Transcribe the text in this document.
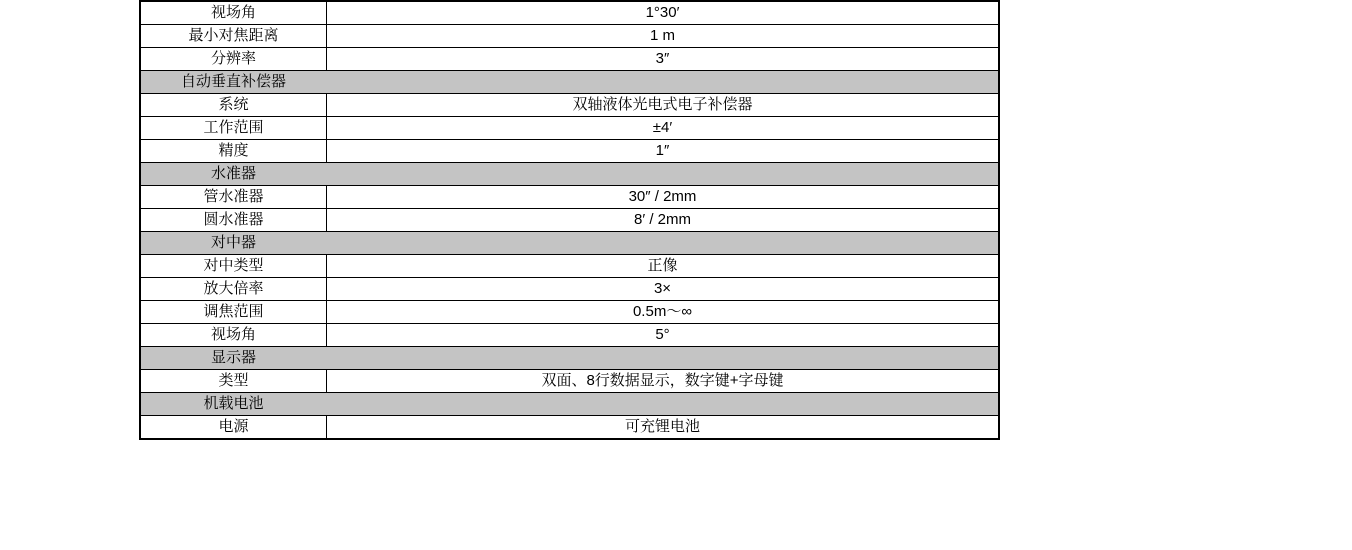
视场角	1°30′
最小对焦距离	1 m
分辨率	3″

自动垂直补偿器	

系统	双轴液体光电式电子补偿器
工作范围	±4′
精度	1″

水准器	

管水准器	30″ / 2mm
圆水准器	8′ / 2mm

对中器	

对中类型	正像
放大倍率	3×
调焦范围	0.5m～∞
视场角	5°

显示器	

类型	双面、8行数据显示，数字键+字母键

机载电池	

电源	可充锂电池
